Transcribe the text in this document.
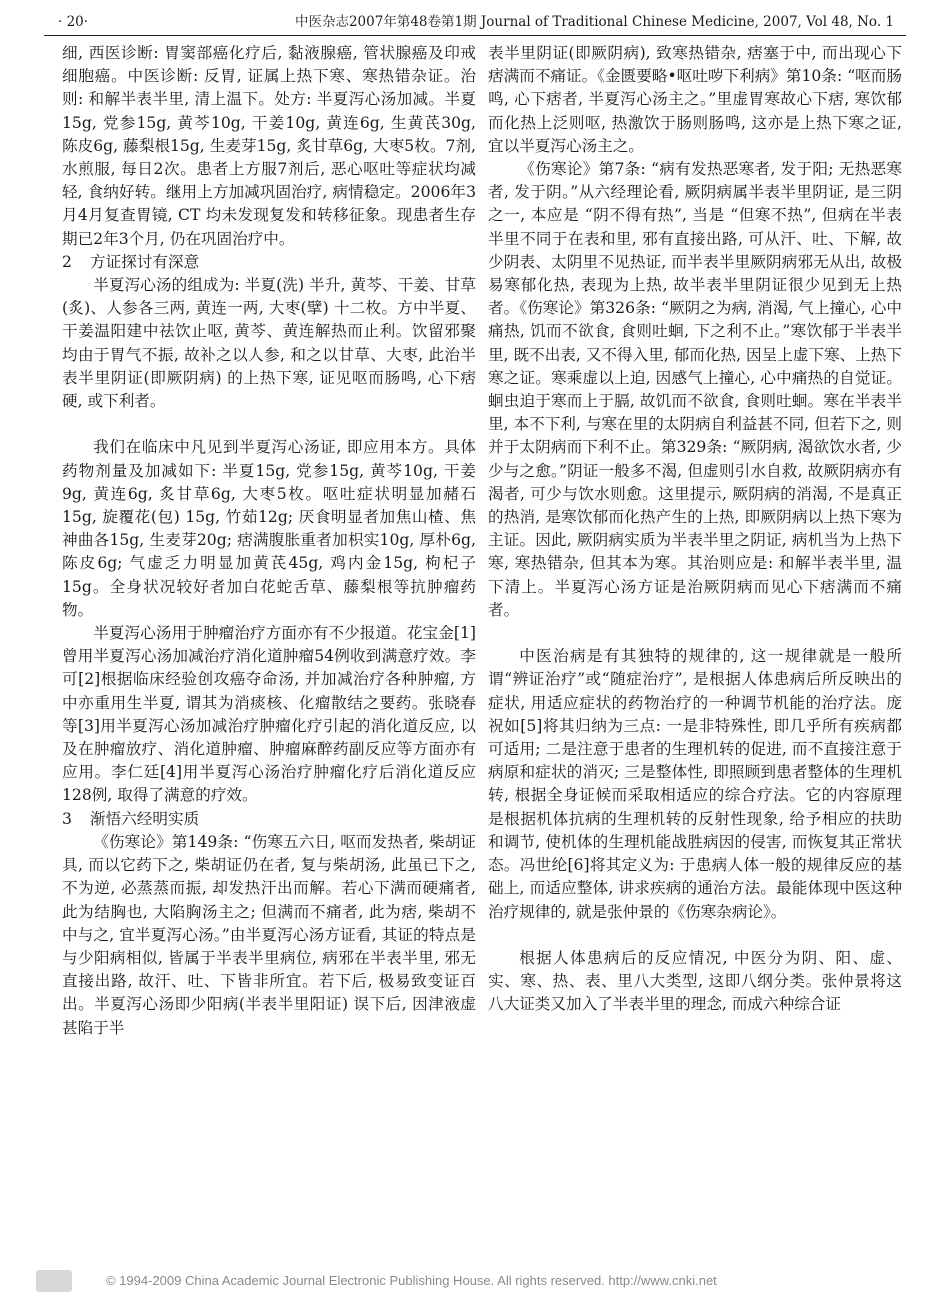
· 20·	中医杂志2007年第48卷第1期 Journal of Traditional Chinese Medicine, 2007, Vol 48, No. 1

细, 西医诊断: 胃窦部癌化疗后, 黏液腺癌, 管状腺癌及印戒细胞癌。中医诊断: 反胃, 证属上热下寒、寒热错杂证。治则: 和解半表半里, 清上温下。处方: 半夏泻心汤加减。半夏15g, 党参15g, 黄芩10g, 干姜10g, 黄连6g, 生黄芪30g, 陈皮6g, 藤梨根15g, 生麦芽15g, 炙甘草6g, 大枣5枚。7剂, 水煎服, 每日2次。患者上方服7剂后, 恶心呕吐等症状均减轻, 食纳好转。继用上方加减巩固治疗, 病情稳定。2006年3月4月复查胃镜, CT 均未发现复发和转移征象。现患者生存期已2年3个月, 仍在巩固治疗中。

2 方证探讨有深意

半夏泻心汤的组成为: 半夏(洗) 半升, 黄芩、干姜、甘草(炙)、人参各三两, 黄连一两, 大枣(擘) 十二枚。方中半夏、干姜温阳建中祛饮止呕, 黄芩、黄连解热而止利。饮留邪聚均由于胃气不振, 故补之以人参, 和之以甘草、大枣, 此治半表半里阴证(即厥阴病) 的上热下寒, 证见呕而肠鸣, 心下痞硬, 或下利者。

我们在临床中凡见到半夏泻心汤证, 即应用本方。具体药物剂量及加减如下: 半夏15g, 党参15g, 黄芩10g, 干姜9g, 黄连6g, 炙甘草6g, 大枣5枚。呕吐症状明显加赭石15g, 旋覆花(包) 15g, 竹茹12g; 厌食明显者加焦山楂、焦神曲各15g, 生麦芽20g; 痞满腹胀重者加枳实10g, 厚朴6g, 陈皮6g; 气虚乏力明显加黄芪45g, 鸡内金15g, 枸杞子15g。全身状况较好者加白花蛇舌草、藤梨根等抗肿瘤药物。

半夏泻心汤用于肿瘤治疗方面亦有不少报道。花宝金[1]曾用半夏泻心汤加减治疗消化道肿瘤54例收到满意疗效。李可[2]根据临床经验创攻癌夺命汤, 并加减治疗各种肿瘤, 方中亦重用生半夏, 谓其为消痰核、化瘤散结之要药。张晓春等[3]用半夏泻心汤加减治疗肿瘤化疗引起的消化道反应, 以及在肿瘤放疗、消化道肿瘤、肿瘤麻醉药副反应等方面亦有应用。李仁廷[4]用半夏泻心汤治疗肿瘤化疗后消化道反应128例, 取得了满意的疗效。

3 渐悟六经明实质

《伤寒论》第149条: “伤寒五六日, 呕而发热者, 柴胡证具, 而以它药下之, 柴胡证仍在者, 复与柴胡汤, 此虽已下之, 不为逆, 必蒸蒸而振, 却发热汗出而解。若心下满而硬痛者, 此为结胸也, 大陷胸汤主之; 但满而不痛者, 此为痞, 柴胡不中与之, 宜半夏泻心汤。”由半夏泻心汤方证看, 其证的特点是与少阳病相似, 皆属于半表半里病位, 病邪在半表半里, 邪无直接出路, 故汗、吐、下皆非所宜。若下后, 极易致变证百出。半夏泻心汤即少阳病(半表半里阳证) 误下后, 因津液虚甚陷于半

表半里阴证(即厥阴病), 致寒热错杂, 痞塞于中, 而出现心下痞满而不痛证。《金匮要略•呕吐哕下利病》第10条: “呕而肠鸣, 心下痞者, 半夏泻心汤主之。”里虚胃寒故心下痞, 寒饮郁而化热上泛则呕, 热激饮于肠则肠鸣, 这亦是上热下寒之证, 宜以半夏泻心汤主之。

《伤寒论》第7条: “病有发热恶寒者, 发于阳; 无热恶寒者, 发于阴。”从六经理论看, 厥阴病属半表半里阴证, 是三阴之一, 本应是 “阴不得有热”, 当是 “但寒不热”, 但病在半表半里不同于在表和里, 邪有直接出路, 可从汗、吐、下解, 故少阴表、太阴里不见热证, 而半表半里厥阴病邪无从出, 故极易寒郁化热, 表现为上热, 故半表半里阴证很少见到无上热者。《伤寒论》第326条: “厥阴之为病, 消渴, 气上撞心, 心中痛热, 饥而不欲食, 食则吐蛔, 下之利不止。”寒饮郁于半表半里, 既不出表, 又不得入里, 郁而化热, 因呈上虚下寒、上热下寒之证。寒乘虚以上迫, 因感气上撞心, 心中痛热的自觉证。蛔虫迫于寒而上于膈, 故饥而不欲食, 食则吐蛔。寒在半表半里, 本不下利, 与寒在里的太阴病自利益甚不同, 但若下之, 则并于太阴病而下利不止。第329条: “厥阴病, 渴欲饮水者, 少少与之愈。”阴证一般多不渴, 但虚则引水自救, 故厥阴病亦有渴者, 可少与饮水则愈。这里提示, 厥阴病的消渴, 不是真正的热消, 是寒饮郁而化热产生的上热, 即厥阴病以上热下寒为主证。因此, 厥阴病实质为半表半里之阴证, 病机当为上热下寒, 寒热错杂, 但其本为寒。其治则应是: 和解半表半里, 温下清上。半夏泻心汤方证是治厥阴病而见心下痞满而不痛者。

中医治病是有其独特的规律的, 这一规律就是一般所谓“辨证治疗”或“随症治疗”, 是根据人体患病后所反映出的症状, 用适应症状的药物治疗的一种调节机能的治疗法。庞祝如[5]将其归纳为三点: 一是非特殊性, 即几乎所有疾病都可适用; 二是注意于患者的生理机转的促进, 而不直接注意于病原和症状的消灭; 三是整体性, 即照顾到患者整体的生理机转, 根据全身证候而采取相适应的综合疗法。它的内容原理是根据机体抗病的生理机转的反射性现象, 给予相应的扶助和调节, 使机体的生理机能战胜病因的侵害, 而恢复其正常状态。冯世纶[6]将其定义为: 于患病人体一般的规律反应的基础上, 而适应整体, 讲求疾病的通治方法。最能体现中医这种治疗规律的, 就是张仲景的《伤寒杂病论》。

根据人体患病后的反应情况, 中医分为阴、阳、虚、实、寒、热、表、里八大类型, 这即八纲分类。张仲景将这八大证类又加入了半表半里的理念, 而成六种综合证

© 1994-2009 China Academic Journal Electronic Publishing House. All rights reserved. http://www.cnki.net
